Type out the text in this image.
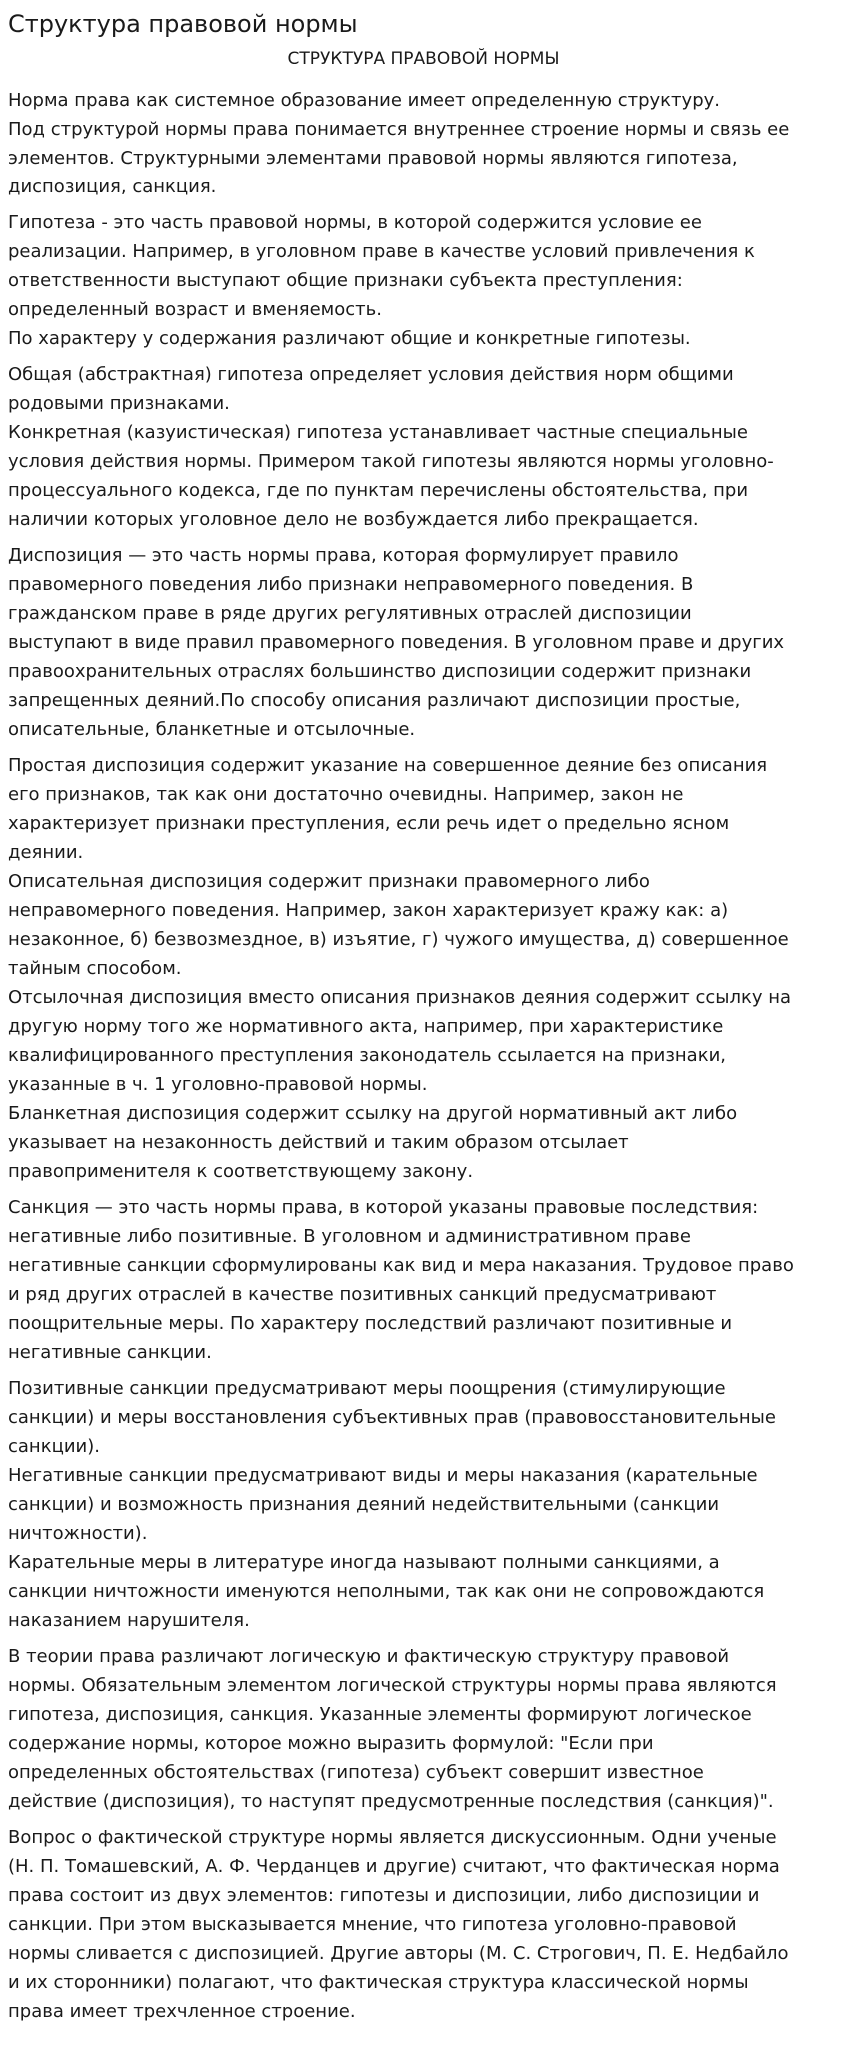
Структура правовой нормы
СТРУКТУРА ПРАВОВОЙ НОРМЫ

Норма права как системное образование имеет определенную структуру.

Под структурой нормы права понимается внутреннее строение нормы и связь ее

элементов. Структурными элементами правовой нормы являются гипотеза,

диспозиция, санкция.

Гипотеза - это часть правовой нормы, в которой содержится условие ее

реализации. Например, в уголовном праве в качестве условий привлечения к

ответственности выступают общие признаки субъекта преступления:

определенный возраст и вменяемость.

По характеру у содержания различают общие и конкретные гипотезы.

Общая (абстрактная) гипотеза определяет условия действия норм общими

родовыми признаками.

Конкретная (казуистическая) гипотеза устанавливает частные специальные

условия действия нормы. Примером такой гипотезы являются нормы уголовно-

процессуального кодекса, где по пунктам перечислены обстоятельства, при

наличии которых уголовное дело не возбуждается либо прекращается.

Диспозиция — это часть нормы права, которая формулирует правило

правомерного поведения либо признаки неправомерного поведения. В

гражданском праве в ряде других регулятивных отраслей диспозиции

выступают в виде правил правомерного поведения. В уголовном праве и других

правоохранительных отраслях большинство диспозиции содержит признаки

запрещенных деяний.По способу описания различают диспозиции простые,

описательные, бланкетные и отсылочные.

Простая диспозиция содержит указание на совершенное деяние без описания

его признаков, так как они достаточно очевидны. Например, закон не

характеризует признаки преступления, если речь идет о предельно ясном

деянии.

Описательная диспозиция содержит признаки правомерного либо

неправомерного поведения. Например, закон характеризует кражу как: а)

незаконное, б) безвозмездное, в) изъятие, г) чужого имущества, д) совершенное

тайным способом.

Отсылочная диспозиция вместо описания признаков деяния содержит ссылку на

другую норму того же нормативного акта, например, при характеристике

квалифицированного преступления законодатель ссылается на признаки,

указанные в ч. 1 уголовно-правовой нормы.

Бланкетная диспозиция содержит ссылку на другой нормативный акт либо

указывает на незаконность действий и таким образом отсылает

правоприменителя к соответствующему закону.

Санкция — это часть нормы права, в которой указаны правовые последствия:

негативные либо позитивные. В уголовном и административном праве

негативные санкции сформулированы как вид и мера наказания. Трудовое право

и ряд других отраслей в качестве позитивных санкций предусматривают

поощрительные меры. По характеру последствий различают позитивные и

негативные санкции.

Позитивные санкции предусматривают меры поощрения (стимулирующие

санкции) и меры восстановления субъективных прав (правовосстановительные

санкции).

Негативные санкции предусматривают виды и меры наказания (карательные

санкции) и возможность признания деяний недействительными (санкции

ничтожности).

Карательные меры в литературе иногда называют полными санкциями, а

санкции ничтожности именуются неполными, так как они не сопровождаются

наказанием нарушителя.

В теории права различают логическую и фактическую структуру правовой

нормы. Обязательным элементом логической структуры нормы права являются

гипотеза, диспозиция, санкция. Указанные элементы формируют логическое

содержание нормы, которое можно выразить формулой: "Если при

определенных обстоятельствах (гипотеза) субъект совершит известное

действие (диспозиция), то наступят предусмотренные последствия (санкция)".

Вопрос о фактической структуре нормы является дискуссионным. Одни ученые

(Н. П. Томашевский, А. Ф. Черданцев и другие) считают, что фактическая норма

права состоит из двух элементов: гипотезы и диспозиции, либо диспозиции и

санкции. При этом высказывается мнение, что гипотеза уголовно-правовой

нормы сливается с диспозицией. Другие авторы (М. С. Строгович, П. Е. Недбайло

и их сторонники) полагают, что фактическая структура классической нормы

права имеет трехчленное строение.
